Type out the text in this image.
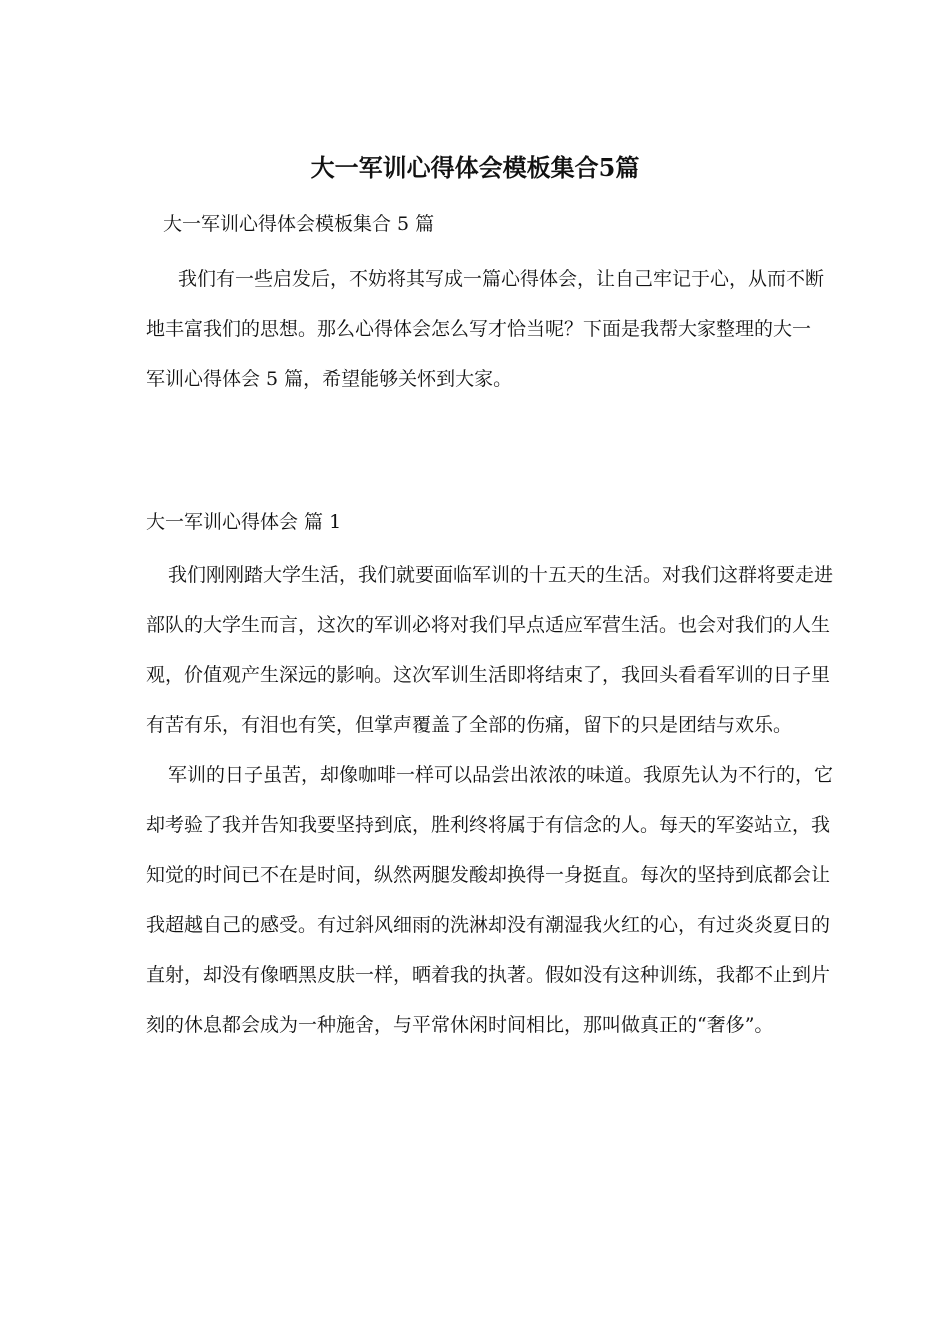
大一军训心得体会模板集合5篇
大一军训心得体会模板集合 5 篇

我们有一些启发后，不妨将其写成一篇心得体会，让自己牢记于心，从而不断地丰富我们的思想。那么心得体会怎么写才恰当呢？下面是我帮大家整理的大一军训心得体会 5 篇，希望能够关怀到大家。

大一军训心得体会 篇 1

我们刚刚踏大学生活，我们就要面临军训的十五天的生活。对我们这群将要走进部队的大学生而言，这次的军训必将对我们早点适应军营生活。也会对我们的人生观，价值观产生深远的影响。这次军训生活即将结束了，我回头看看军训的日子里有苦有乐，有泪也有笑，但掌声覆盖了全部的伤痛，留下的只是团结与欢乐。

军训的日子虽苦，却像咖啡一样可以品尝出浓浓的味道。我原先认为不行的，它却考验了我并告知我要坚持到底，胜利终将属于有信念的人。每天的军姿站立，我知觉的时间已不在是时间，纵然两腿发酸却换得一身挺直。每次的坚持到底都会让我超越自己的感受。有过斜风细雨的洗淋却没有潮湿我火红的心，有过炎炎夏日的直射，却没有像晒黑皮肤一样，晒着我的执著。假如没有这种训练，我都不止到片刻的休息都会成为一种施舍，与平常休闲时间相比，那叫做真正的“奢侈”。
